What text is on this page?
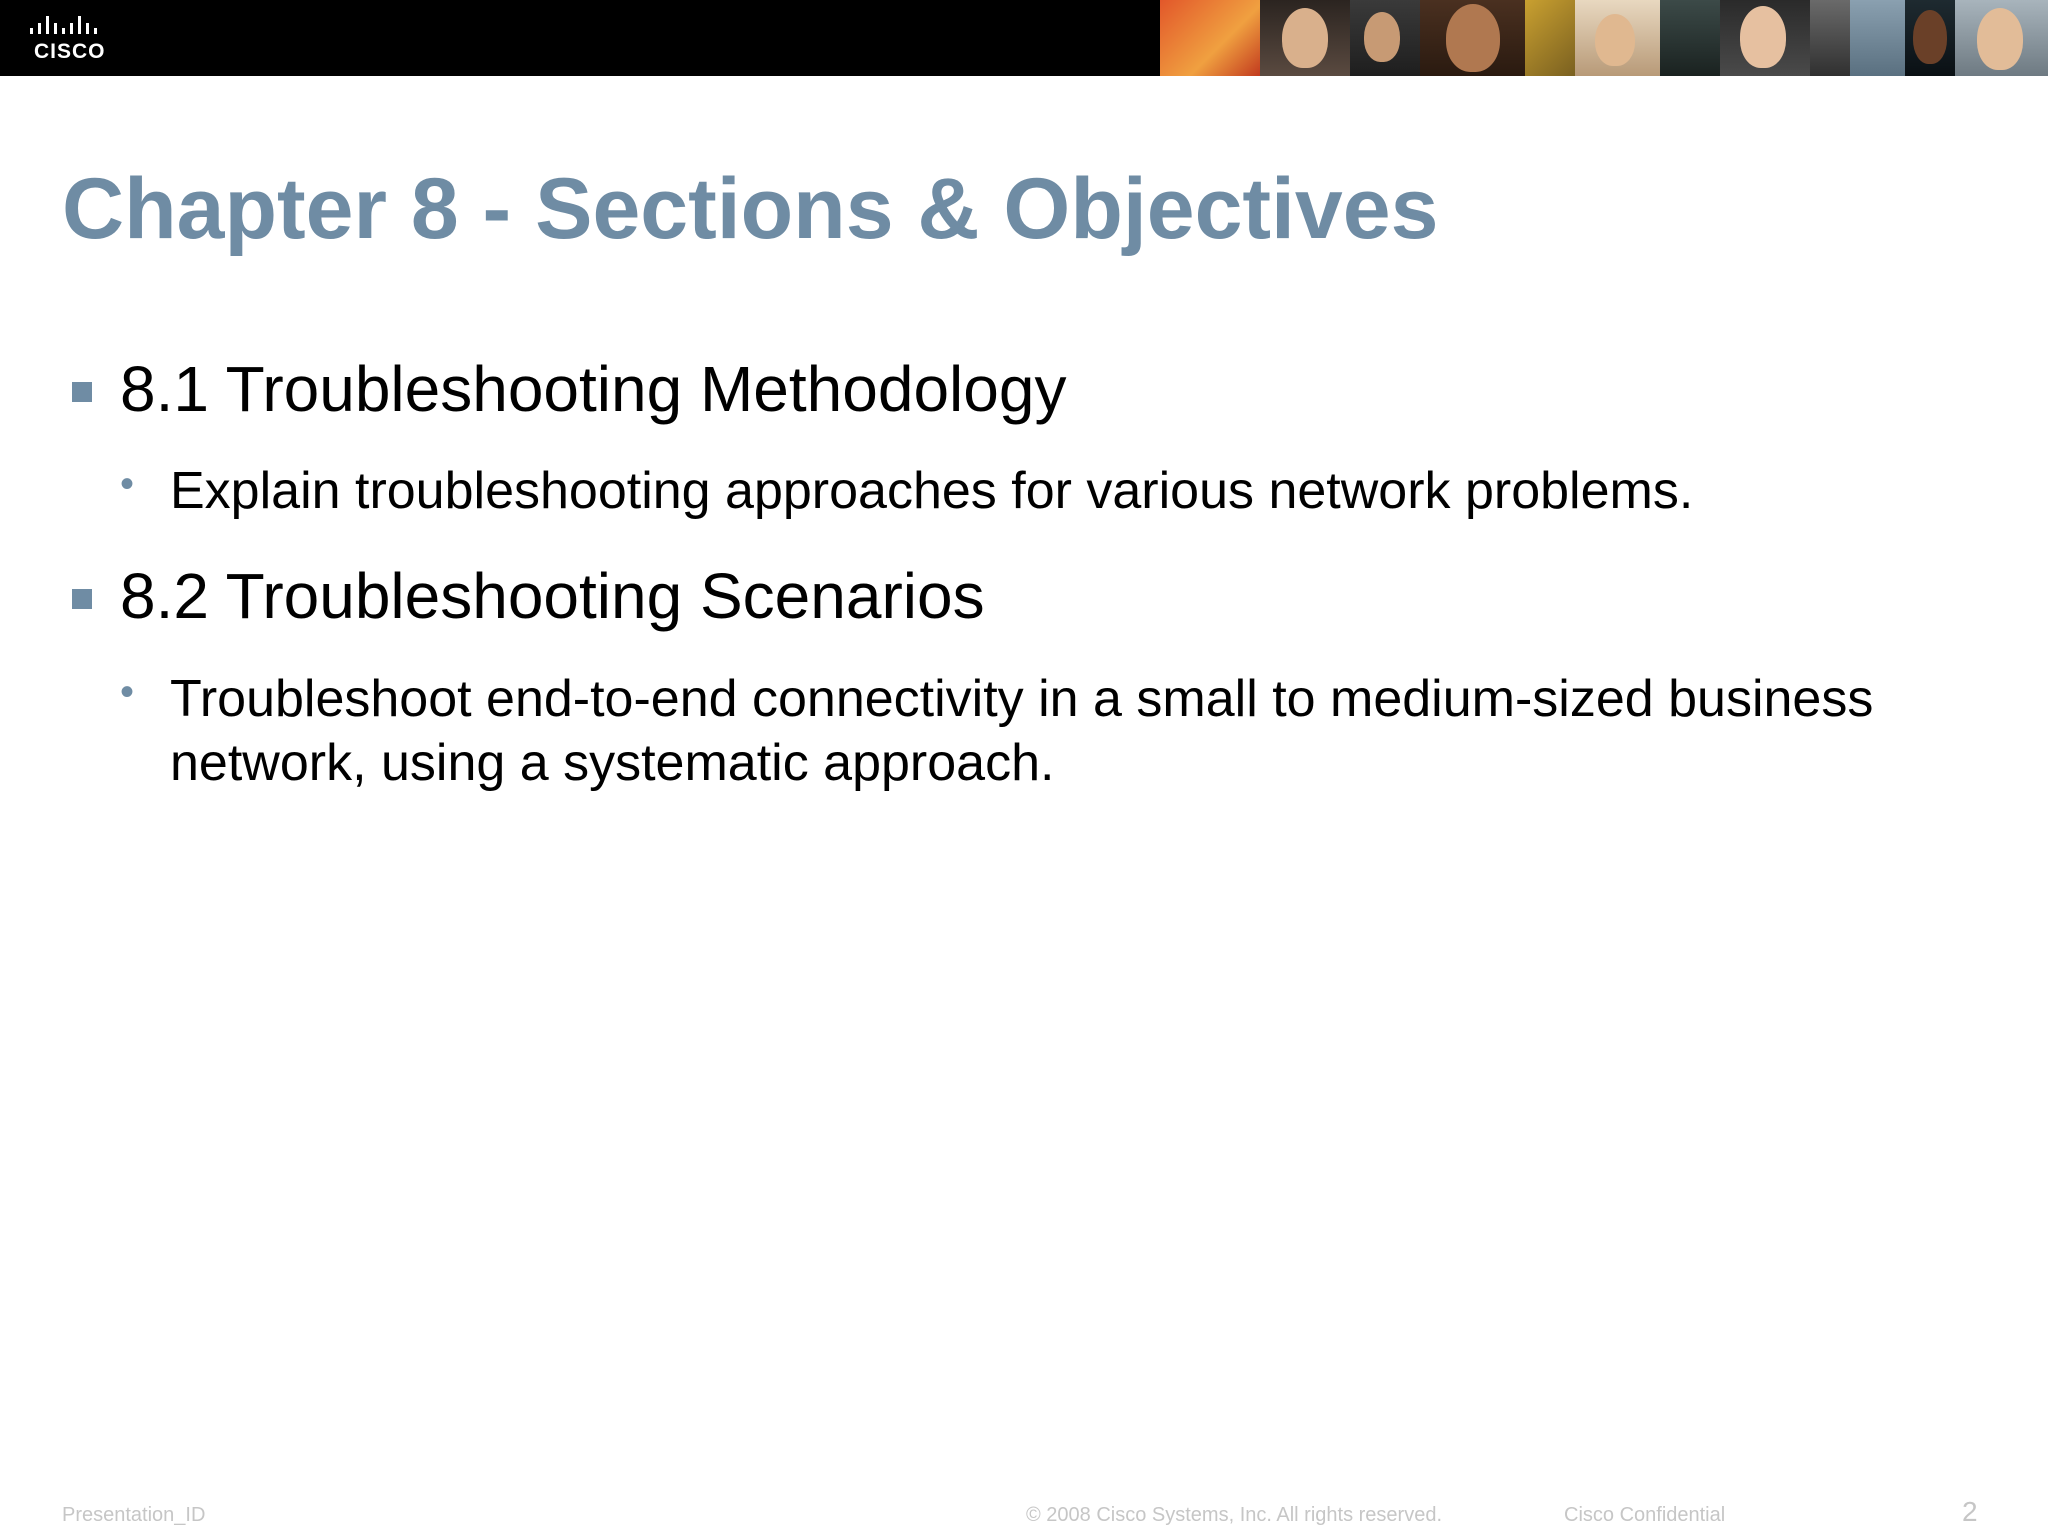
CISCO
Chapter 8 - Sections & Objectives
8.1 Troubleshooting Methodology
• Explain troubleshooting approaches for various network problems.
8.2 Troubleshooting Scenarios
• Troubleshoot end-to-end connectivity in a small to medium-sized business network, using a systematic approach.
Presentation_ID	© 2008 Cisco Systems, Inc. All rights reserved.	Cisco Confidential	2
